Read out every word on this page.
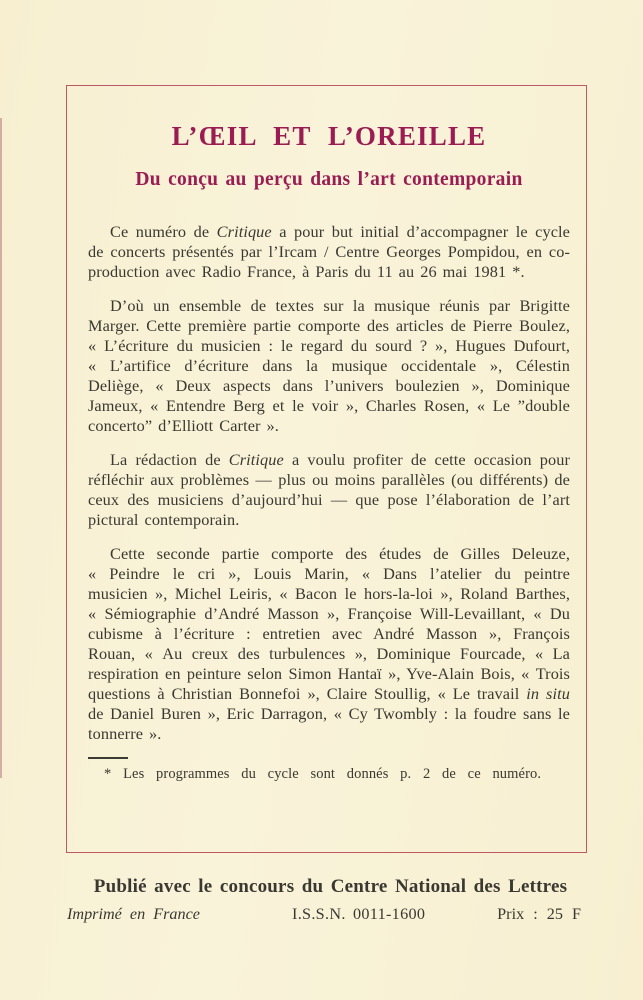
L’ŒIL ET L’OREILLE
Du conçu au perçu dans l’art contemporain

Ce numéro de Critique a pour but initial d’accompagner le cycle de concerts présentés par l’Ircam / Centre Georges Pompidou, en co-production avec Radio France, à Paris du 11 au 26 mai 1981 *.

D’où un ensemble de textes sur la musique réunis par Brigitte Marger. Cette première partie comporte des articles de Pierre Boulez, « L’écriture du musicien : le regard du sourd ? », Hugues Dufourt, « L’artifice d’écriture dans la musique occidentale », Célestin Deliège, « Deux aspects dans l’univers boulezien », Dominique Jameux, « Entendre Berg et le voir », Charles Rosen, « Le ”double concerto” d’Elliott Carter ».

La rédaction de Critique a voulu profiter de cette occasion pour réfléchir aux problèmes — plus ou moins parallèles (ou différents) de ceux des musiciens d’aujourd’hui — que pose l’élaboration de l’art pictural contemporain.

Cette seconde partie comporte des études de Gilles Deleuze, « Peindre le cri », Louis Marin, « Dans l’atelier du peintre musicien », Michel Leiris, « Bacon le hors-la-loi », Roland Barthes, « Sémiographie d’André Masson », Françoise Will-Levaillant, « Du cubisme à l’écriture : entretien avec André Masson », François Rouan, « Au creux des turbulences », Dominique Fourcade, « La respiration en peinture selon Simon Hantaï », Yve-Alain Bois, « Trois questions à Christian Bonnefoi », Claire Stoullig, « Le travail in situ de Daniel Buren », Eric Darragon, « Cy Twombly : la foudre sans le tonnerre ».

* Les programmes du cycle sont donnés p. 2 de ce numéro.

Publié avec le concours du Centre National des Lettres
Imprimé en France	I.S.S.N. 0011-1600	Prix : 25 F
